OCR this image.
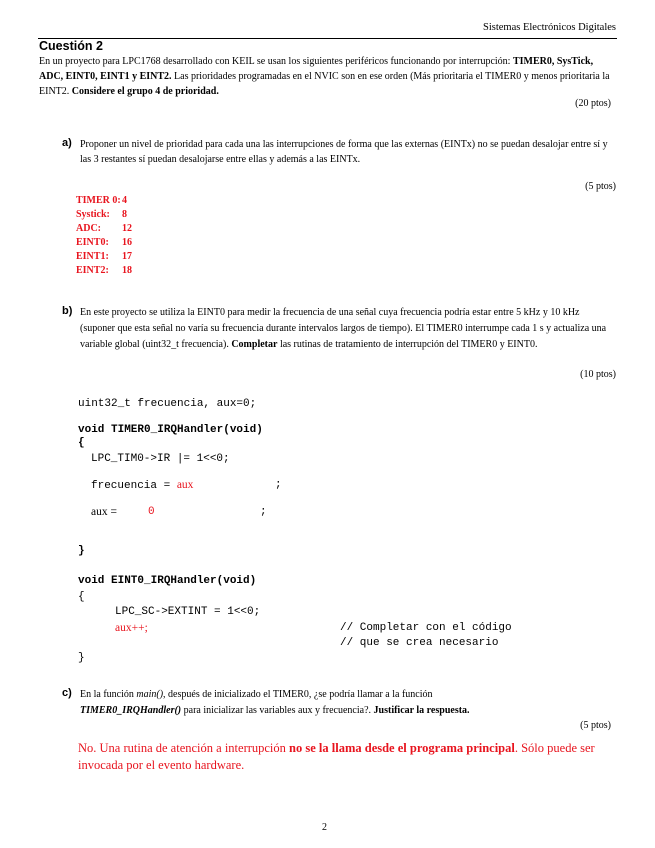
Sistemas Electrónicos Digitales
Cuestión 2
En un proyecto para LPC1768 desarrollado con KEIL se usan los siguientes periféricos funcionando por interrupción: TIMER0, SysTick, ADC, EINT0, EINT1 y EINT2. Las prioridades programadas en el NVIC son en ese orden (Más prioritaria el TIMER0 y menos prioritaria la EINT2. Considere el grupo 4 de prioridad.
(20 ptos)
a) Proponer un nivel de prioridad para cada una las interrupciones de forma que las externas (EINTx) no se puedan desalojar entre sí y las 3 restantes sí puedan desalojarse entre ellas y además a las EINTx.
(5 ptos)
TIMER 0: 4
Systick:	8
ADC:	12
EINT0:	16
EINT1:	17
EINT2:	18
b) En este proyecto se utiliza la EINT0 para medir la frecuencia de una señal cuya frecuencia podría estar entre 5 kHz y 10 kHz (suponer que esta señal no varía su frecuencia durante intervalos largos de tiempo). El TIMER0 interrumpe cada 1 s y actualiza una variable global (uint32_t frecuencia). Completar las rutinas de tratamiento de interrupción del TIMER0 y EINT0.
(10 ptos)
uint32_t frecuencia, aux=0;
void TIMER0_IRQHandler(void)
{
LPC_TIM0->IR |= 1<<0;
frecuencia = aux	;
aux =	0	;
}
void EINT0_IRQHandler(void)
{
LPC_SC->EXTINT = 1<<0;
aux++;	// Completar con el código
// que se crea necesario
}
c) En la función main(), después de inicializado el TIMER0, ¿se podría llamar a la función
TIMER0_IRQHandler() para inicializar las variables aux y frecuencia?. Justificar la respuesta.
(5 ptos)
No. Una rutina de atención a interrupción no se la llama desde el programa principal. Sólo puede ser invocada por el evento hardware.
2
